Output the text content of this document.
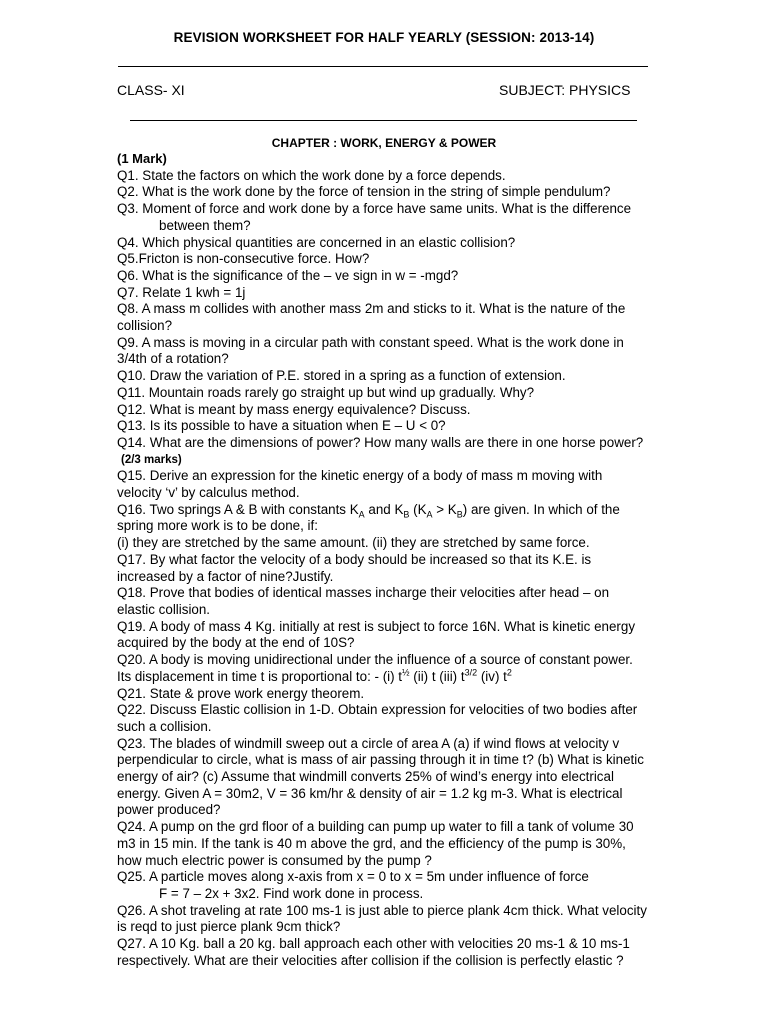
REVISION WORKSHEET FOR HALF YEARLY (SESSION: 2013-14)
CLASS- XI	SUBJECT: PHYSICS
CHAPTER : WORK, ENERGY & POWER
(1 Mark)
Q1. State the factors on which the work done by a force depends.
Q2. What is the work done by the force of tension in the string of simple pendulum?
Q3. Moment of force and work done by a force have same units. What is the differencebetween them?
Q4. Which physical quantities are concerned in an elastic collision?
Q5.Fricton is non-consecutive force. How?
Q6. What is the significance of the – ve sign in w = -mgd?
Q7. Relate 1 kwh = 1j
Q8. A mass m collides with another mass 2m and sticks to it. What is the nature of the collision?
Q9. A mass is moving in a circular path with constant speed. What is the work done in 3/4th of a rotation?
Q10. Draw the variation of P.E. stored in a spring as a function of extension.
Q11. Mountain roads rarely go straight up but wind up gradually. Why?
Q12. What is meant by mass energy equivalence? Discuss.
Q13. Is its possible to have a situation when E – U < 0?
Q14. What are the dimensions of power? How many walls are there in one horse power?
(2/3 marks)
Q15. Derive an expression for the kinetic energy of a body of mass m moving with velocity ‘v’ by calculus method.
Q16. Two springs A & B with constants $K_A$ and $K_B$ $(K_A > K_B)$ are given. In which of the spring more work is to be done, if:
(i) they are stretched by the same amount. (ii) they are stretched by same force.
Q17. By what factor the velocity of a body should be increased so that its K.E. is increased by a factor of nine?Justify.
Q18. Prove that bodies of identical masses incharge their velocities after head – on elastic collision.
Q19. A body of mass 4 Kg. initially at rest is subject to force 16N. What is kinetic energy acquired by the body at the end of 10S?
Q20. A body is moving unidirectional under the influence of a source of constant power. Its displacement in time t is proportional to: - (i) $t^{\frac{1}{2}}$ (ii) t (iii) $t^{3/2}$ (iv) $t^2$
Q21. State & prove work energy theorem.
Q22. Discuss Elastic collision in 1-D. Obtain expression for velocities of two bodies after such a collision.
Q23. The blades of windmill sweep out a circle of area A (a) if wind flows at velocity v perpendicular to circle, what is mass of air passing through it in time t? (b) What is kinetic energy of air? (c) Assume that windmill converts 25% of wind’s energy into electrical energy. Given A = 30m2, V = 36 km/hr & density of air = 1.2 kg m-3. What is electrical power produced?
Q24. A pump on the grd floor of a building can pump up water to fill a tank of volume 30 m3 in 15 min. If the tank is 40 m above the grd, and the efficiency of the pump is 30%, how much electric power is consumed by the pump ?
Q25. A particle moves along x-axis from x = 0 to x = 5m under influence of force
F = 7 – 2x + 3x2. Find work done in process.
Q26. A shot traveling at rate 100 ms-1 is just able to pierce plank 4cm thick. What velocity is reqd to just pierce plank 9cm thick?
Q27. A 10 Kg. ball a 20 kg. ball approach each other with velocities 20 ms-1 & 10 ms-1 respectively. What are their velocities after collision if the collision is perfectly elastic ?
